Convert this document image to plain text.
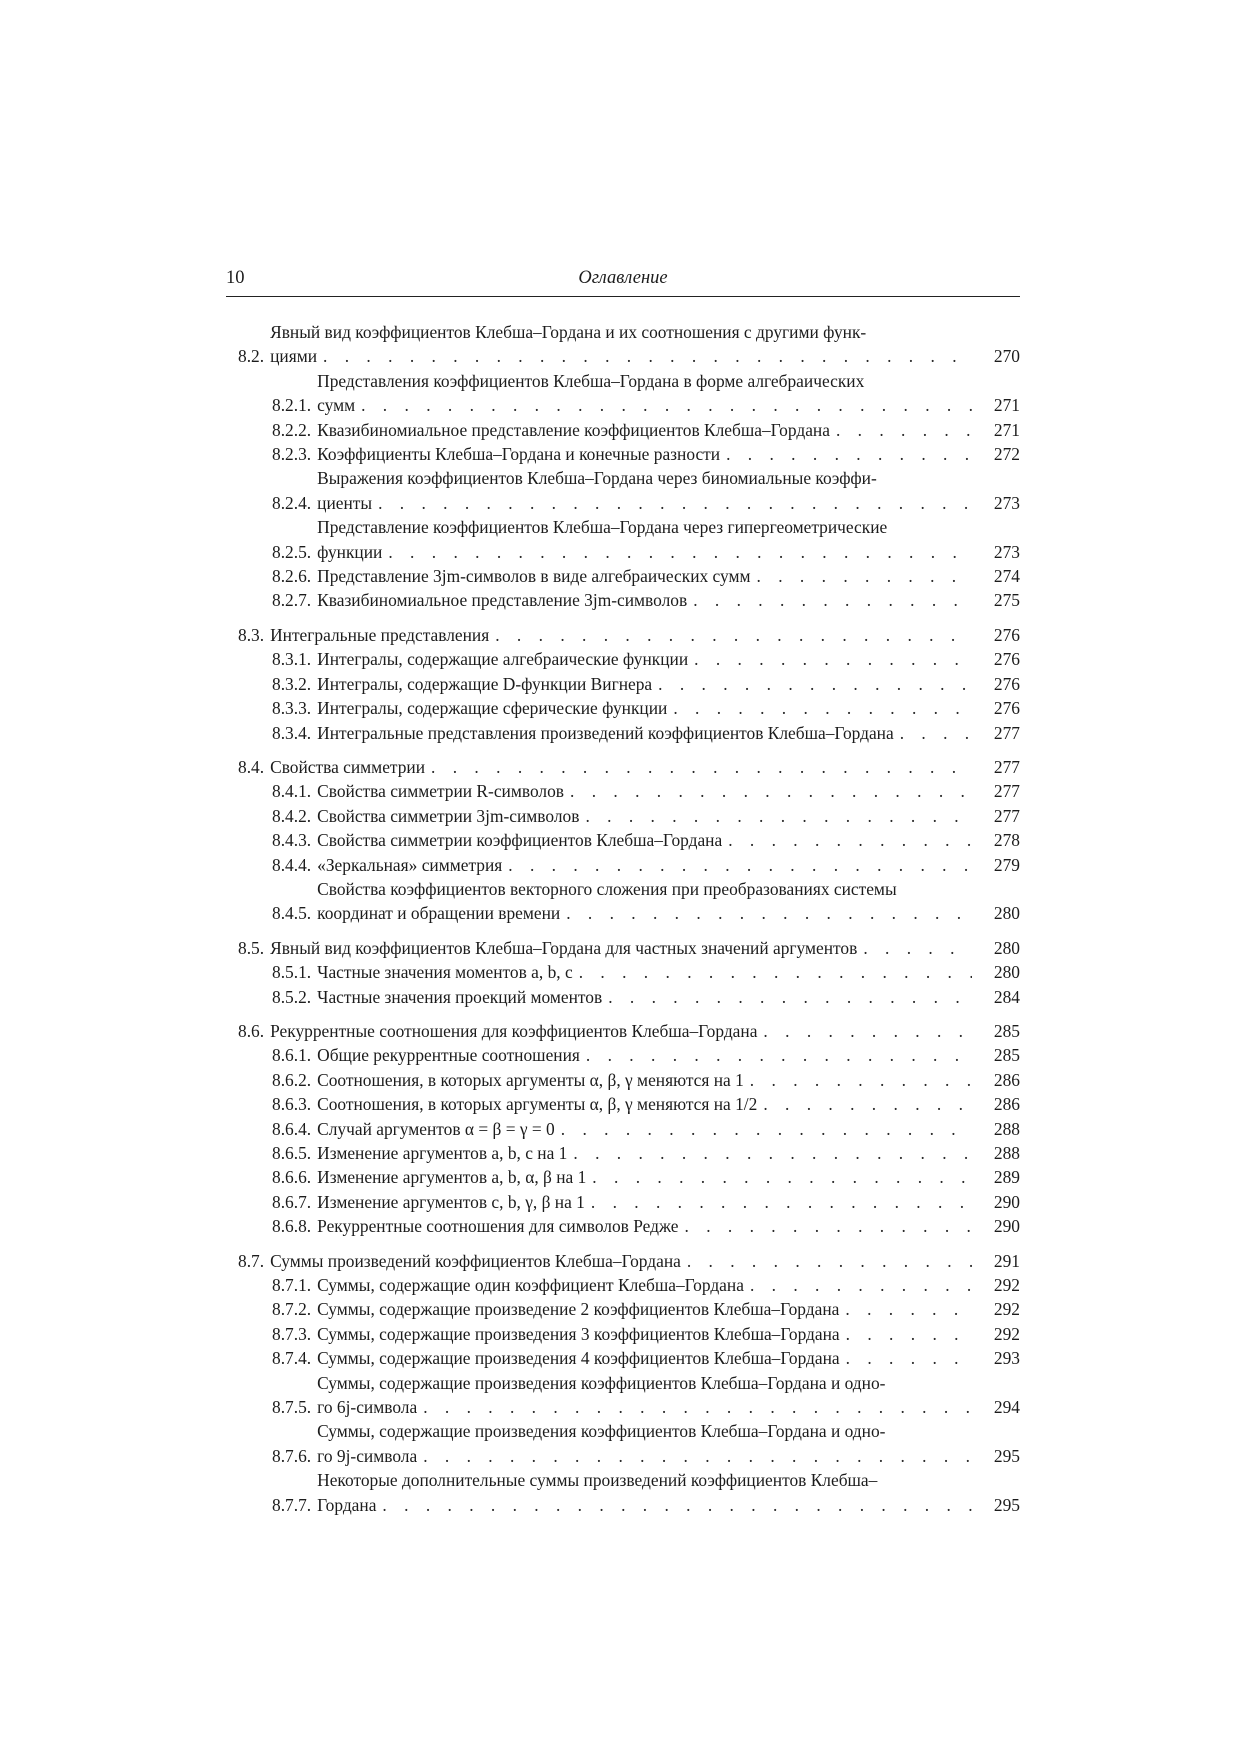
10	Оглавление
8.2.
Явный вид коэффициентов Клебша–Гордана и их соотношения с другими функ-
циями . . .	270
8.2.1.
Представления коэффициентов Клебша–Гордана в форме алгебраических
сумм . . .	271
8.2.2. Квазибиномиальное представление коэффициентов Клебша–Гордана . . .	271
8.2.3. Коэффициенты Клебша–Гордана и конечные разности . . .	272
8.2.4.
Выражения коэффициентов Клебша–Гордана через биномиальные коэффи-
циенты . . .	273
8.2.5.
Представление коэффициентов Клебша–Гордана через гипергеометрические
функции . . .	273
8.2.6. Представление 3jm-символов в виде алгебраических сумм . . .	274
8.2.7. Квазибиномиальное представление 3jm-символов . . .	275
8.3. Интегральные представления . . .	276
8.3.1. Интегралы, содержащие алгебраические функции . . .	276
8.3.2. Интегралы, содержащие D-функции Вигнера . . .	276
8.3.3. Интегралы, содержащие сферические функции . . .	276
8.3.4. Интегральные представления произведений коэффициентов Клебша–Гордана . . .	277
8.4. Свойства симметрии . . .	277
8.4.1. Свойства симметрии R-символов . . .	277
8.4.2. Свойства симметрии 3jm-символов . . .	277
8.4.3. Свойства симметрии коэффициентов Клебша–Гордана . . .	278
8.4.4. «Зеркальная» симметрия . . .	279
8.4.5.
Свойства коэффициентов векторного сложения при преобразованиях системы
координат и обращении времени . . .	280
8.5. Явный вид коэффициентов Клебша–Гордана для частных значений аргументов . . .	280
8.5.1. Частные значения моментов a, b, c . . .	280
8.5.2. Частные значения проекций моментов . . .	284
8.6. Рекуррентные соотношения для коэффициентов Клебша–Гордана . . .	285
8.6.1. Общие рекуррентные соотношения . . .	285
8.6.2. Соотношения, в которых аргументы α, β, γ меняются на 1 . . .	286
8.6.3. Соотношения, в которых аргументы α, β, γ меняются на 1/2 . . .	286
8.6.4. Случай аргументов α = β = γ = 0 . . .	288
8.6.5. Изменение аргументов a, b, c на 1 . . .	288
8.6.6. Изменение аргументов a, b, α, β на 1 . . .	289
8.6.7. Изменение аргументов c, b, γ, β на 1 . . .	290
8.6.8. Рекуррентные соотношения для символов Редже . . .	290
8.7. Суммы произведений коэффициентов Клебша–Гордана . . .	291
8.7.1. Суммы, содержащие один коэффициент Клебша–Гордана . . .	292
8.7.2. Суммы, содержащие произведение 2 коэффициентов Клебша–Гордана . . .	292
8.7.3. Суммы, содержащие произведения 3 коэффициентов Клебша–Гордана . . .	292
8.7.4. Суммы, содержащие произведения 4 коэффициентов Клебша–Гордана . . .	293
8.7.5.
Суммы, содержащие произведения коэффициентов Клебша–Гордана и одно-
го 6j-символа . . .	294
8.7.6.
Суммы, содержащие произведения коэффициентов Клебша–Гордана и одно-
го 9j-символа . . .	295
8.7.7.
Некоторые дополнительные суммы произведений коэффициентов Клебша–
Гордана . . .	295
